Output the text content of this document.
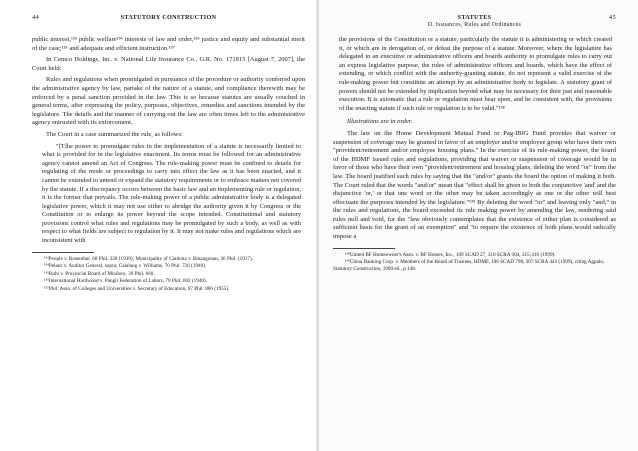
44	STATUTORY CONSTRUCTION

public interest,¹³³ public welfare¹³⁴ interests of law and order,¹³⁵ justice and equity and substantial merit of the case;¹³⁶ and adequate and efficient instruction.¹³⁷

In Cemco Holdings, Inc. v. National Life Insurance Co., G.R. No. 171815 [August 7, 2007], the Court held:

Rules and regulations when promulgated in pursuance of the procedure or authority conferred upon the administrative agency by law, partake of the nature of a statute, and compliance therewith may be enforced by a penal sanction provided in the law. This is so because statutes are usually couched in general terms, after expressing the policy, purposes, objectives, remedies and sanctions intended by the legislature. The details and the manner of carrying out the law are often times left to the administrative agency entrusted with its enforcement.

The Court in a case summarized the rule, as follows:

"[T]he power to promulgate rules in the implementation of a statute is necessarily limited to what is provided for in the legislative enactment. Its terms must be followed for an administrative agency cannot amend an Act of Congress. The rule-making power must be confined to details for regulating of the mode or proceedings to carry into effect the law as it has been enacted, and it cannot be extended to amend or expand the statutory requirements or to embrace matters not covered by the statute. If a discrepancy occurs between the basic law and an implementing rule or regulation, it is the former that prevails. The rule-making power of a public administrative body is a delegated legislative power, which it may not use either to abridge the authority given it by Congress or the Constitution or to enlarge its power beyond the scope intended. Constitutional and statutory provisions control what rules and regulations may be promulgated by such a body, as well as with respect to what fields are subject to regulation by it. It may not make rules and regulations which are inconsistent with

¹³³People v. Rosenthal, 68 Phil. 328 (1939); Municipality of Cardona v. Binangonan, 36 Phil. (1917).

¹³⁴Pelaez v. Auditor General, supra; Calalang v. Williams, 70 Phil. 726 (1940).

¹³⁵Rubi v. Provincial Board of Mindoro, 39 Phil. 660.

¹³⁶International Hardwood v. Pangil Federation of Labors, 70 Phil. 602 (1940).

¹³⁷Phil. Assn. of Colleges and Universities v. Secretary of Education, 97 Phil. 806 (1955).

STATUTES	45
D. Issuances, Rules and Ordinances

the provisions of the Constitution or a statute, particularly the statute it is administering or which created it, or which are in derogation of, or defeat the purpose of a statute. Moreover, where the legislature has delegated to an executive or administrative officers and boards authority to promulgate rules to carry out an express legislative purpose, the rules of administrative officers and boards, which have the effect of extending, or which conflict with the authority-granting statute, do not represent a valid exercise of the rule-making power but constitute an attempt by an administrative body to legislate. A statutory grant of powers should not be extended by implication beyond what may be necessary for their just and reasonable execution. It is axiomatic that a rule or regulation must bear upon, and be consistent with, the provisions of the enacting statute if such rule or regulation is to be valid."¹³⁸

Illustrations are in order.

The law on the Home Development Mutual Fund or Pag-IBIG Fund provides that waiver or suspension of coverage may be granted in favor of an employer and/or employee group who have their own "provident/retirement and/or employee housing plans." In the exercise of its rule-making power, the board of the HDMF issued rules and regulations, providing that waiver or suspension of coverage would be in favor of those who have their own "provident/retirement and housing plans, deleting the word "or" from the law. The board justified such rules by saying that the "and/or" grants the board the option of making it both. The Court ruled that the words "and/or" mean that "effect shall be given to both the conjunctive 'and' and the disjunctive 'or,' or that one word or the other may be taken accordingly as one or the other will best effectuate the purposes intended by the legislature."¹³⁹ By deleting the word "or" and leaving only "and," in the rules and regulations, the board exceeded its rule making power by amending the law, rendering said rules null and void, for the "law obviously contemplates that the existence of either plan is considered as sufficient basis for the grant of an exemption" and "to require the existence of both plans would radically impose a

¹³⁸United BF Homeowner's Assn. v. BF Homes, Inc., 109 SCAD 27, 310 SCRA 304, 315-316 (1999).

¹³⁹China Banking Corp. v. Members of the Board of Trustees, HDMF, 106 SCAD 798, 307 SCRA 443 (1999), citing Agpalo, Statutory Construction, 1990 ed., p.148.
